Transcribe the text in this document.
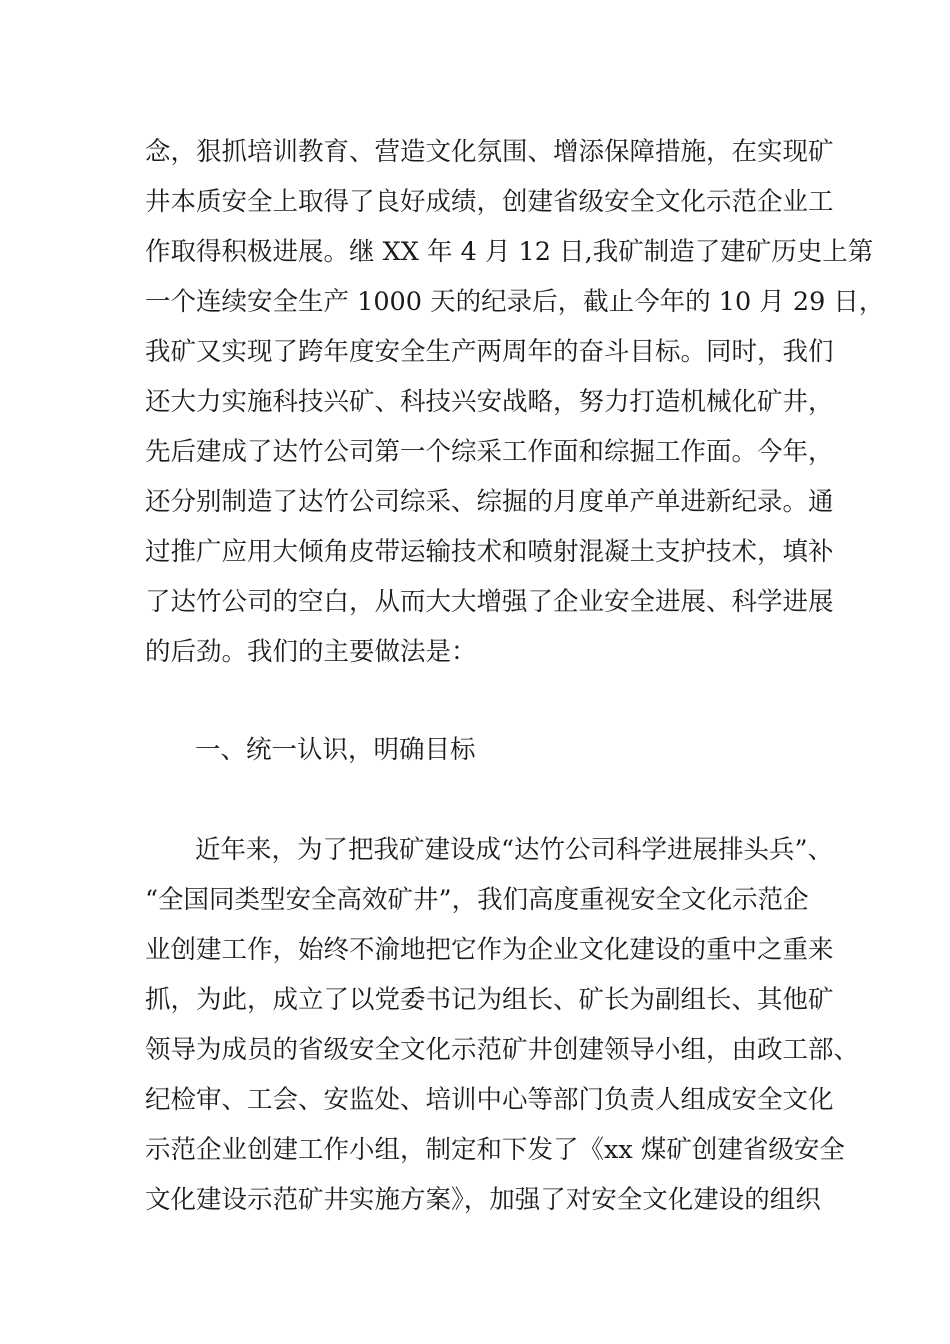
念，狠抓培训教育、营造文化氛围、增添保障措施，在实现矿

井本质安全上取得了良好成绩，创建省级安全文化示范企业工

作取得积极进展。继 XX 年 4 月 12 日,我矿制造了建矿历史上第

一个连续安全生产 1000 天的纪录后，截止今年的 10 月 29 日，

我矿又实现了跨年度安全生产两周年的奋斗目标。同时，我们

还大力实施科技兴矿、科技兴安战略，努力打造机械化矿井，

先后建成了达竹公司第一个综采工作面和综掘工作面。今年，

还分别制造了达竹公司综采、综掘的月度单产单进新纪录。通

过推广应用大倾角皮带运输技术和喷射混凝土支护技术，填补

了达竹公司的空白，从而大大增强了企业安全进展、科学进展

的后劲。我们的主要做法是：

一、统一认识，明确目标

近年来，为了把我矿建设成“达竹公司科学进展排头兵”、

“全国同类型安全高效矿井”，我们高度重视安全文化示范企

业创建工作，始终不渝地把它作为企业文化建设的重中之重来

抓，为此，成立了以党委书记为组长、矿长为副组长、其他矿

领导为成员的省级安全文化示范矿井创建领导小组，由政工部、

纪检审、工会、安监处、培训中心等部门负责人组成安全文化

示范企业创建工作小组，制定和下发了《xx 煤矿创建省级安全

文化建设示范矿井实施方案》，加强了对安全文化建设的组织
